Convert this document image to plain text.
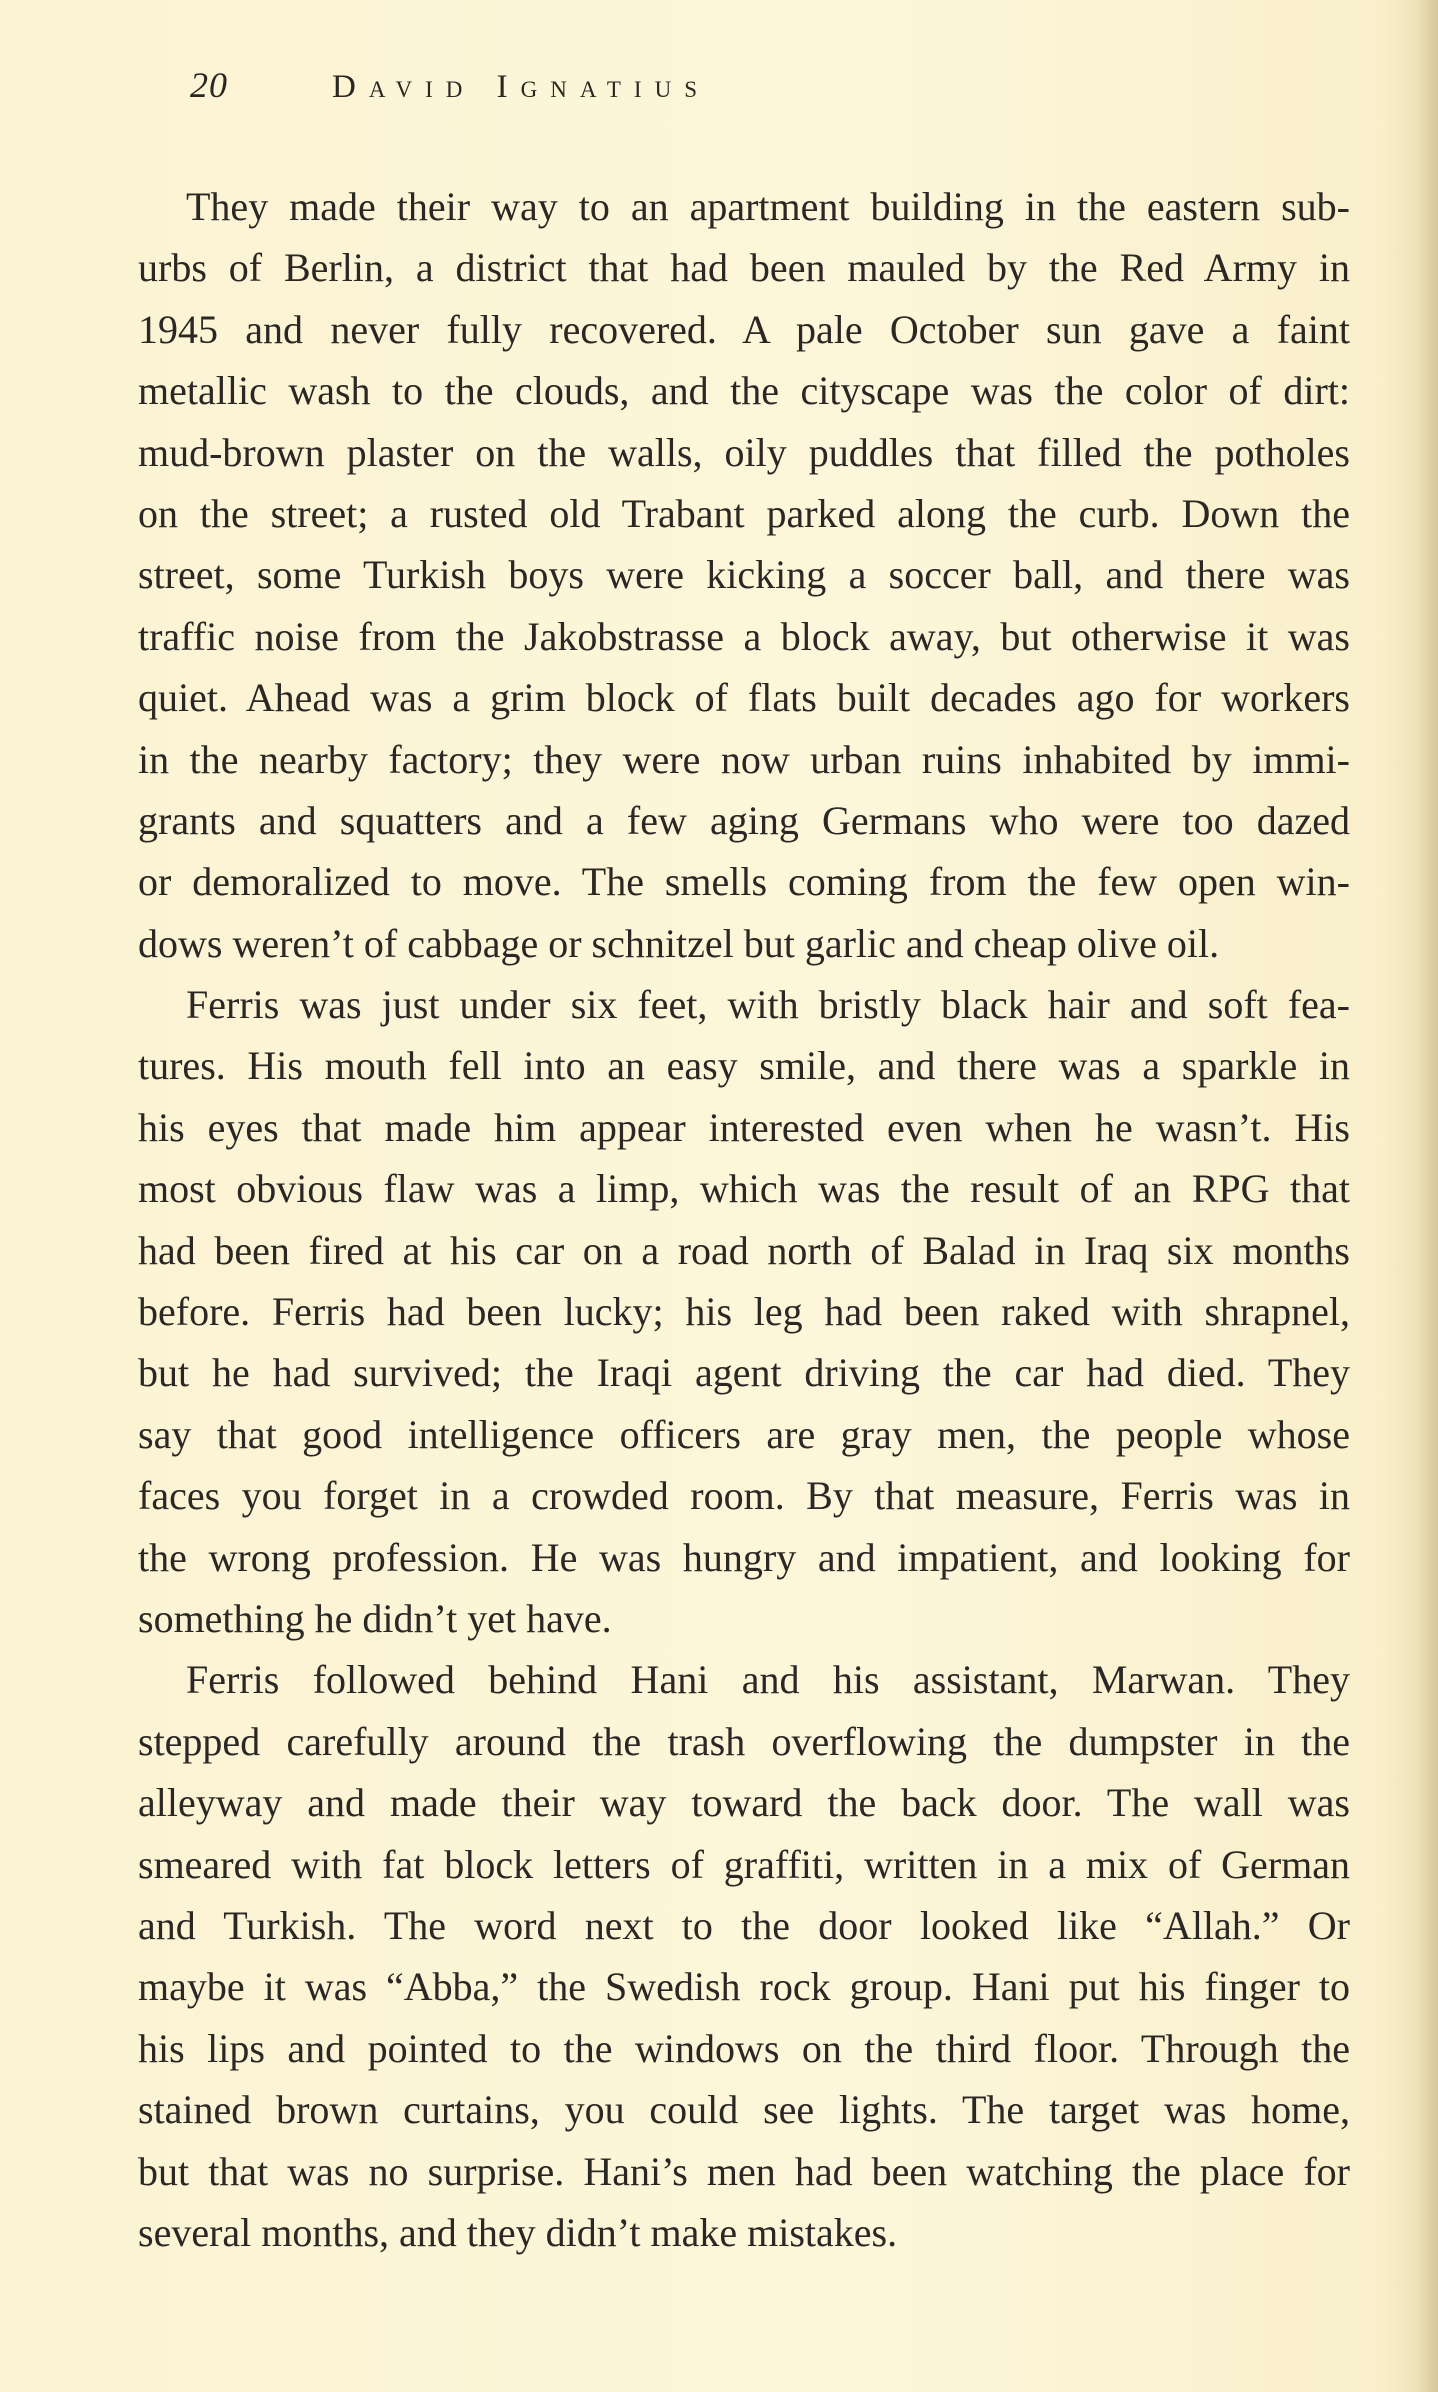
20	David Ignatius
They made their way to an apartment building in the eastern sub-
urbs of Berlin, a district that had been mauled by the Red Army in
1945 and never fully recovered. A pale October sun gave a faint
metallic wash to the clouds, and the cityscape was the color of dirt:
mud-brown plaster on the walls, oily puddles that filled the potholes
on the street; a rusted old Trabant parked along the curb. Down the
street, some Turkish boys were kicking a soccer ball, and there was
traffic noise from the Jakobstrasse a block away, but otherwise it was
quiet. Ahead was a grim block of flats built decades ago for workers
in the nearby factory; they were now urban ruins inhabited by immi-
grants and squatters and a few aging Germans who were too dazed
or demoralized to move. The smells coming from the few open win-
dows weren’t of cabbage or schnitzel but garlic and cheap olive oil.
Ferris was just under six feet, with bristly black hair and soft fea-
tures. His mouth fell into an easy smile, and there was a sparkle in
his eyes that made him appear interested even when he wasn’t. His
most obvious flaw was a limp, which was the result of an RPG that
had been fired at his car on a road north of Balad in Iraq six months
before. Ferris had been lucky; his leg had been raked with shrapnel,
but he had survived; the Iraqi agent driving the car had died. They
say that good intelligence officers are gray men, the people whose
faces you forget in a crowded room. By that measure, Ferris was in
the wrong profession. He was hungry and impatient, and looking for
something he didn’t yet have.
Ferris followed behind Hani and his assistant, Marwan. They
stepped carefully around the trash overflowing the dumpster in the
alleyway and made their way toward the back door. The wall was
smeared with fat block letters of graffiti, written in a mix of German
and Turkish. The word next to the door looked like “Allah.” Or
maybe it was “Abba,” the Swedish rock group. Hani put his finger to
his lips and pointed to the windows on the third floor. Through the
stained brown curtains, you could see lights. The target was home,
but that was no surprise. Hani’s men had been watching the place for
several months, and they didn’t make mistakes.
